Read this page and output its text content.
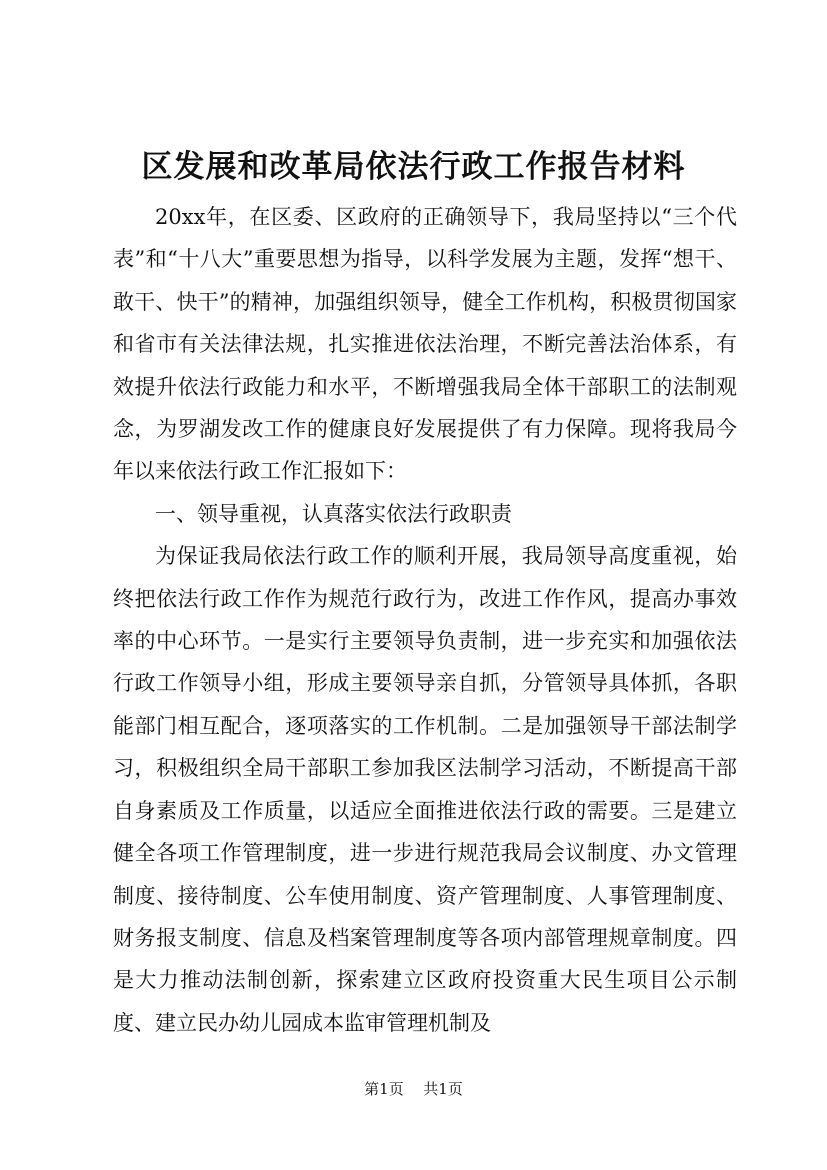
区发展和改革局依法行政工作报告材料

20xx年，在区委、区政府的正确领导下，我局坚持以“三个代表”和“十八大”重要思想为指导，以科学发展为主题，发挥“想干、敢干、快干”的精神，加强组织领导，健全工作机构，积极贯彻国家和省市有关法律法规，扎实推进依法治理，不断完善法治体系，有效提升依法行政能力和水平，不断增强我局全体干部职工的法制观念，为罗湖发改工作的健康良好发展提供了有力保障。现将我局今年以来依法行政工作汇报如下：

一、领导重视，认真落实依法行政职责

为保证我局依法行政工作的顺利开展，我局领导高度重视，始终把依法行政工作作为规范行政行为，改进工作作风，提高办事效率的中心环节。一是实行主要领导负责制，进一步充实和加强依法行政工作领导小组，形成主要领导亲自抓，分管领导具体抓，各职能部门相互配合，逐项落实的工作机制。二是加强领导干部法制学习，积极组织全局干部职工参加我区法制学习活动，不断提高干部自身素质及工作质量，以适应全面推进依法行政的需要。三是建立健全各项工作管理制度，进一步进行规范我局会议制度、办文管理制度、接待制度、公车使用制度、资产管理制度、人事管理制度、财务报支制度、信息及档案管理制度等各项内部管理规章制度。四是大力推动法制创新，探索建立区政府投资重大民生项目公示制度、建立民办幼儿园成本监审管理机制及

第1页 共1页
